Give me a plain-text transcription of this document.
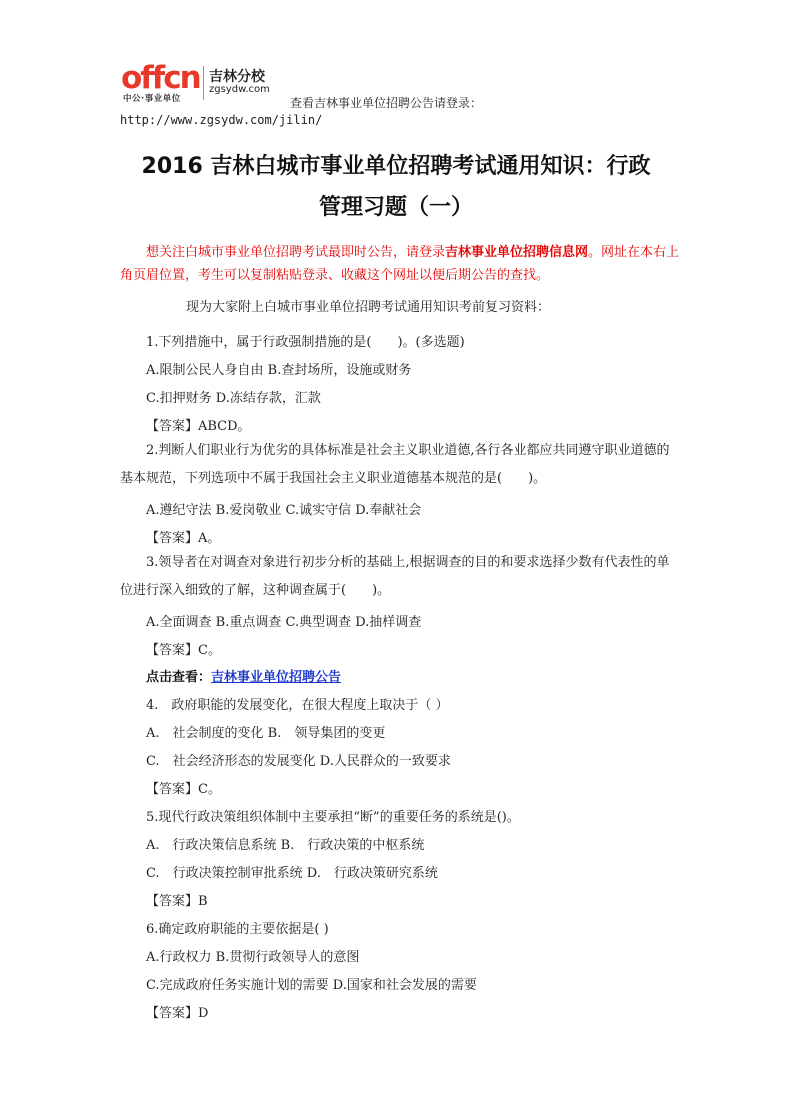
offcn
中公·事业单位
吉林分校
zgsydw.com
查看吉林事业单位招聘公告请登录：
http://www.zgsydw.com/jilin/
2016 吉林白城市事业单位招聘考试通用知识：行政
管理习题（一）
想关注白城市事业单位招聘考试最即时公告，请登录吉林事业单位招聘信息网。网址在本右上角页眉位置，考生可以复制粘贴登录、收藏这个网址以便后期公告的查找。
现为大家附上白城市事业单位招聘考试通用知识考前复习资料：
1.下列措施中，属于行政强制措施的是(　　)。(多选题)
A.限制公民人身自由 B.查封场所，设施或财务
C.扣押财务 D.冻结存款，汇款
【答案】ABCD。
2.判断人们职业行为优劣的具体标准是社会主义职业道德,各行各业都应共同遵守职业道德的基本规范，下列选项中不属于我国社会主义职业道德基本规范的是(　　)。
A.遵纪守法 B.爱岗敬业 C.诚实守信 D.奉献社会
【答案】A。
3.领导者在对调查对象进行初步分析的基础上,根据调查的目的和要求选择少数有代表性的单位进行深入细致的了解，这种调查属于(　　)。
A.全面调查 B.重点调查 C.典型调查 D.抽样调查
【答案】C。
点击查看：吉林事业单位招聘公告
4.　政府职能的发展变化，在很大程度上取决于（ ）
A.　社会制度的变化 B.　领导集团的变更
C.　社会经济形态的发展变化 D.人民群众的一致要求
【答案】C。
5.现代行政决策组织体制中主要承担“断”的重要任务的系统是()。
A.　行政决策信息系统 B.　行政决策的中枢系统
C.　行政决策控制审批系统 D.　行政决策研究系统
【答案】B
6.确定政府职能的主要依据是( )
A.行政权力 B.贯彻行政领导人的意图
C.完成政府任务实施计划的需要 D.国家和社会发展的需要
【答案】D
